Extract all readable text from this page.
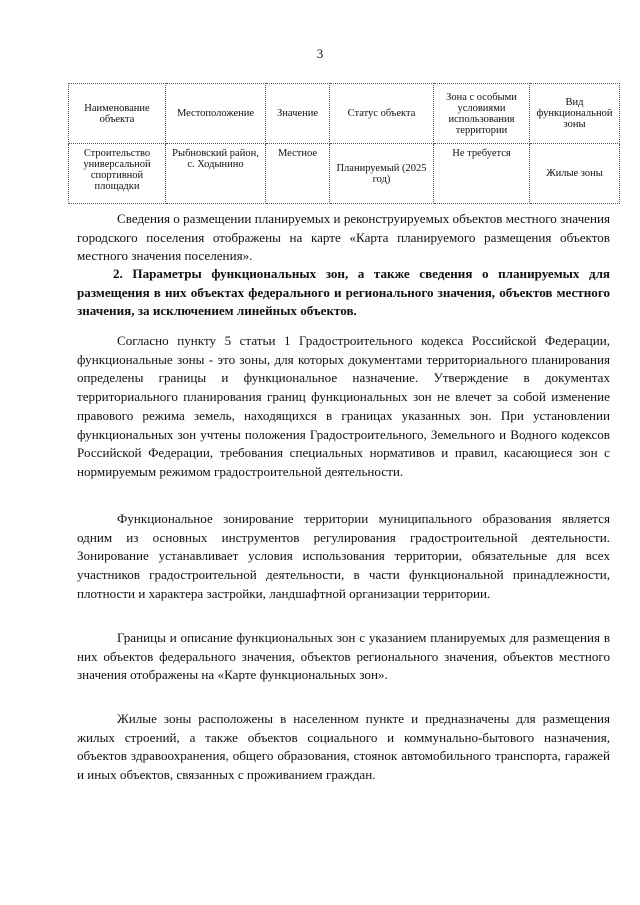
3
Наименование объекта	Местоположение	Значение	Статус объекта	Зона с особыми условиями использования территории	Вид функциональной зоны
Строительство универсальной спортивной площадки	Рыбновский район, с. Ходынино	Местное	Планируемый (2025 год)	Не требуется	Жилые зоны

Сведения о размещении планируемых и реконструируемых объектов местного значения городского поселения отображены на карте «Карта планируемого размещения объектов местного значения поселения».

2. Параметры функциональных зон, а также сведения о планируемых для размещения в них объектах федерального и регионального значения, объектов местного значения, за исключением линейных объектов.

Согласно пункту 5 статьи 1 Градостроительного кодекса Российской Федерации, функциональные зоны - это зоны, для которых документами территориального планирования определены границы и функциональное назначение. Утверждение в документах территориального планирования границ функциональных зон не влечет за собой изменение правового режима земель, находящихся в границах указанных зон. При установлении функциональных зон учтены положения Градостроительного, Земельного и Водного кодексов Российской Федерации, требования специальных нормативов и правил, касающиеся зон с нормируемым режимом градостроительной деятельности.

Функциональное зонирование территории муниципального образования является одним из основных инструментов регулирования градостроительной деятельности. Зонирование устанавливает условия использования территории, обязательные для всех участников градостроительной деятельности, в части функциональной принадлежности, плотности и характера застройки, ландшафтной организации территории.

Границы и описание функциональных зон с указанием планируемых для размещения в них объектов федерального значения, объектов регионального значения, объектов местного значения отображены на «Карте функциональных зон».

Жилые зоны расположены в населенном пункте и предназначены для размещения жилых строений, а также объектов социального и коммунально-бытового назначения, объектов здравоохранения, общего образования, стоянок автомобильного транспорта, гаражей и иных объектов, связанных с проживанием граждан.
